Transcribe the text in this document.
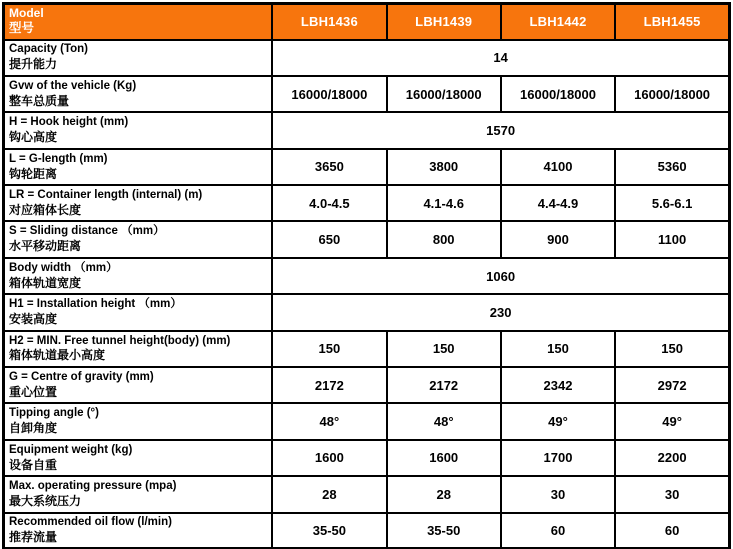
Model
型号	LBH1436	LBH1439	LBH1442	LBH1455

Capacity (Ton)
提升能力	14			

Gvw of the vehicle (Kg)
整车总质量	16000/18000	16000/18000	16000/18000	16000/18000

H = Hook height (mm)
钩心高度	1570			

L = G-length (mm)
钩轮距离	3650	3800	4100	5360

LR = Container length (internal) (m)
对应箱体长度	4.0-4.5	4.1-4.6	4.4-4.9	5.6-6.1

S = Sliding distance （mm）
水平移动距离	650	800	900	1100

Body width （mm）
箱体轨道宽度	1060			

H1 = Installation height （mm）
安装高度	230			

H2 = MIN. Free tunnel height(body) (mm)
箱体轨道最小高度	150	150	150	150

G = Centre of gravity (mm)
重心位置	2172	2172	2342	2972

Tipping angle (°)
自卸角度	48°	48°	49°	49°

Equipment weight (kg)
设备自重	1600	1600	1700	2200

Max. operating pressure (mpa)
最大系统压力	28	28	30	30

Recommended oil flow (l/min)
推荐流量	35-50	35-50	60	60
